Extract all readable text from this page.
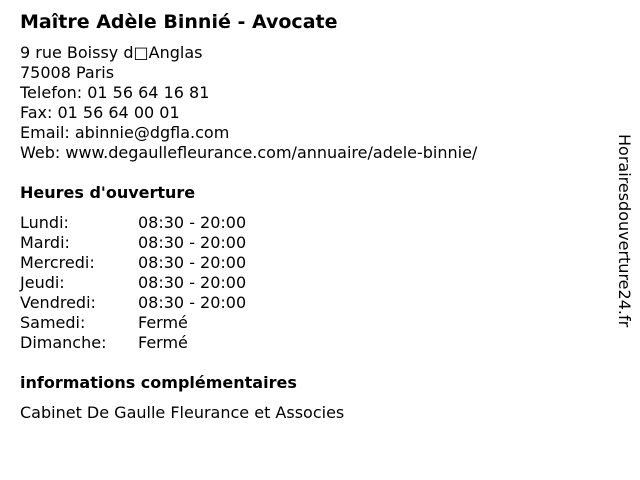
Maître Adèle Binnié - Avocate
9 rue Boissy d□Anglas
75008 Paris
Telefon: 01 56 64 16 81
Fax: 01 56 64 00 01
Email: abinnie@dgfla.com
Web: www.degaullefleurance.com/annuaire/adele-binnie/
Heures d'ouverture
Lundi:	08:30 - 20:00
Mardi:	08:30 - 20:00
Mercredi:	08:30 - 20:00
Jeudi:	08:30 - 20:00
Vendredi:	08:30 - 20:00
Samedi:	Fermé
Dimanche:	Fermé
informations complémentaires
Cabinet De Gaulle Fleurance et Associes
Horairesdouverture24.fr
